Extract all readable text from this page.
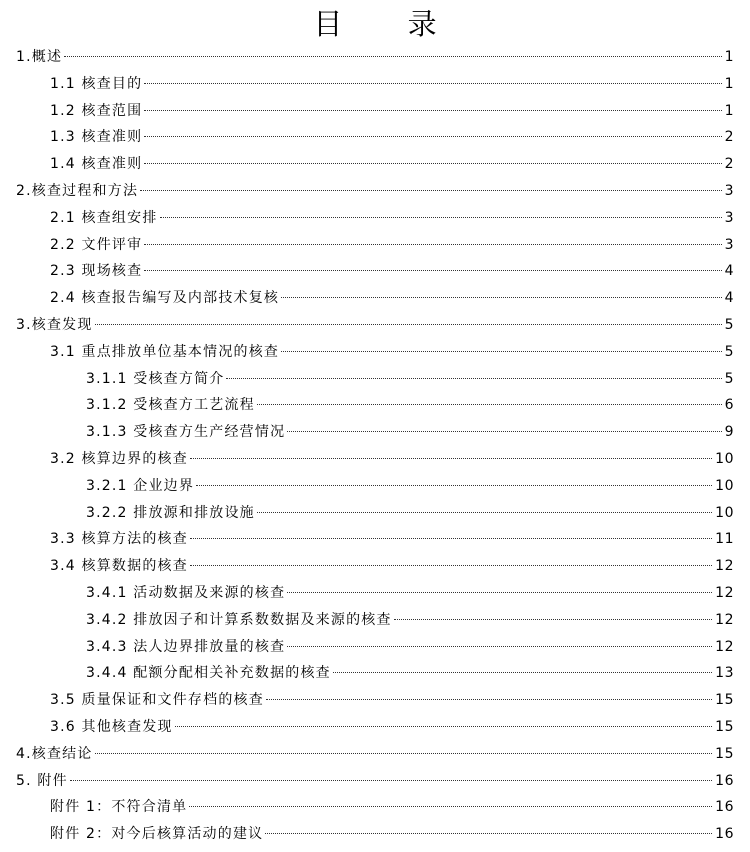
目 录
1.概述	1
1.1 核查目的	1
1.2 核查范围	1
1.3 核查准则	2
1.4 核查准则	2
2.核查过程和方法	3
2.1 核查组安排	3
2.2 文件评审	3
2.3 现场核查	4
2.4 核查报告编写及内部技术复核	4
3.核查发现	5
3.1 重点排放单位基本情况的核查	5
3.1.1 受核查方简介	5
3.1.2 受核查方工艺流程	6
3.1.3 受核查方生产经营情况	9
3.2 核算边界的核查	10
3.2.1 企业边界	10
3.2.2 排放源和排放设施	10
3.3 核算方法的核查	11
3.4 核算数据的核查	12
3.4.1 活动数据及来源的核查	12
3.4.2 排放因子和计算系数数据及来源的核查	12
3.4.3 法人边界排放量的核查	12
3.4.4 配额分配相关补充数据的核查	13
3.5 质量保证和文件存档的核查	15
3.6 其他核查发现	15
4.核查结论	15
5. 附件	16
附件 1：不符合清单	16
附件 2：对今后核算活动的建议	16
